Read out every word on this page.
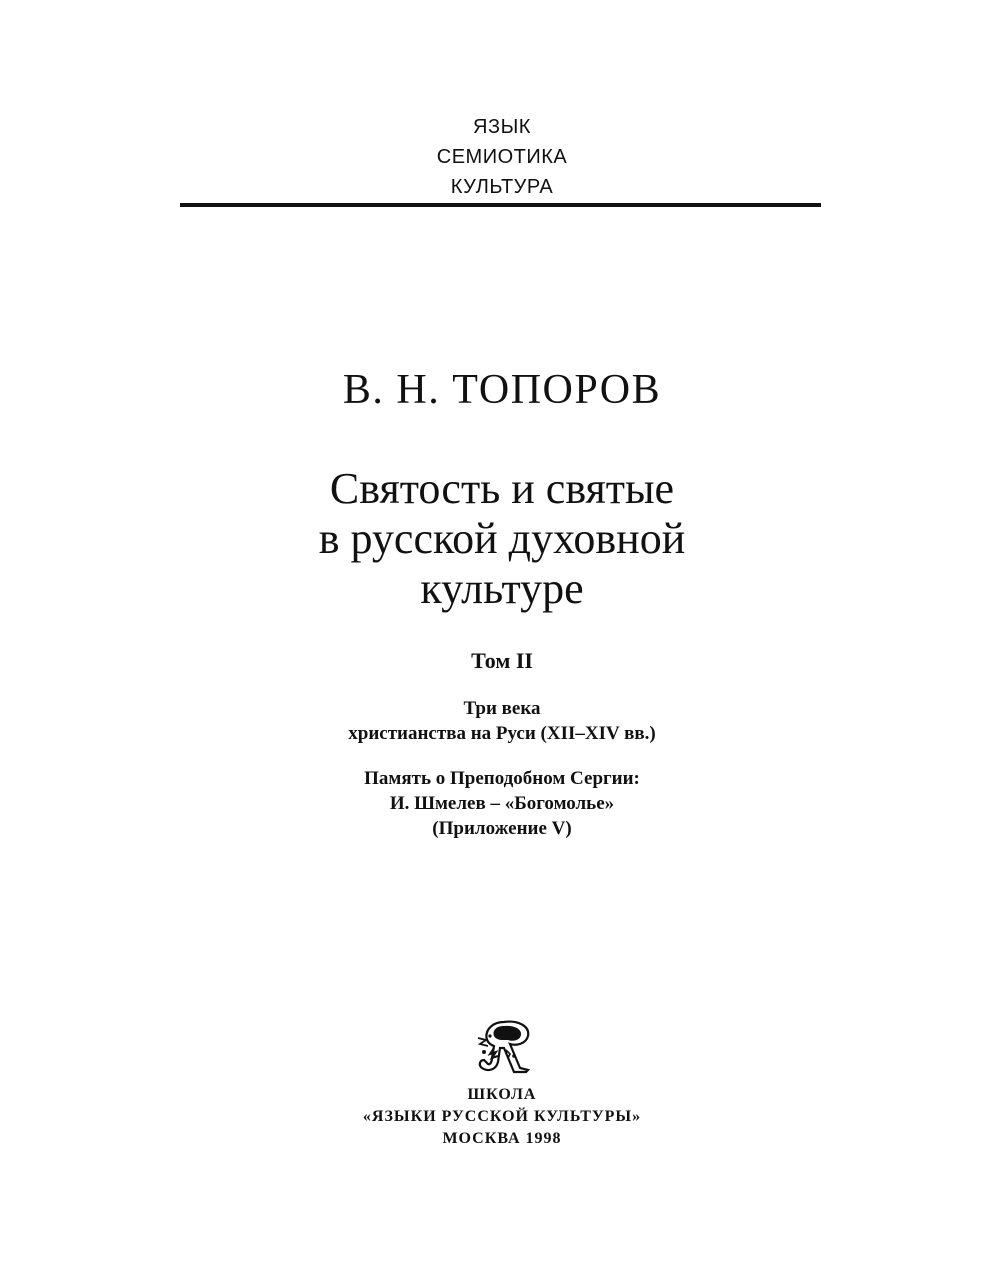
ЯЗЫК
СЕМИОТИКА
КУЛЬТУРА
В. Н. ТОПОРОВ
Святость и святые
в русской духовной
культуре
Том II
Три века
христианства на Руси (XII–XIV вв.)
Память о Преподобном Сергии:
И. Шмелев – «Богомолье»
(Приложение V)
ШКОЛА
«ЯЗЫКИ РУССКОЙ КУЛЬТУРЫ»
МОСКВА 1998
